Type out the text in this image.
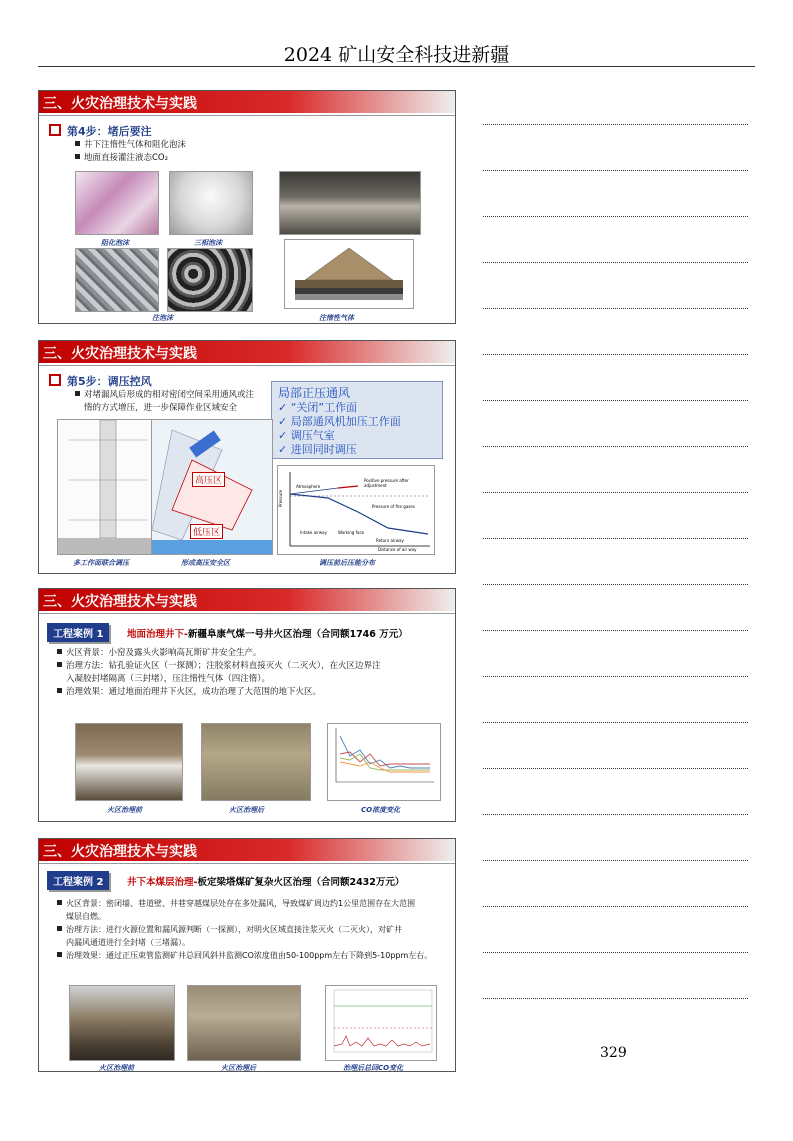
2024 矿山安全科技进新疆
三、火灾治理技术与实践
第4步：堵后要注
井下注惰性气体和阻化泡沫
地面直接灌注液态CO₂
阻化泡沫	三相泡沫
注泡沫	注惰性气体
三、火灾治理技术与实践
第5步：调压控风
对堵漏风后形成的相对密闭空间采用通风或注
惰的方式增压，进一步保障作业区域安全
局部正压通风
✓ “关闭”工作面
✓ 局部通风机加压工作面
✓ 调压气室
✓ 进回同时调压
高压区
低压区
Pressure
Atmosphere
Positive pressure after adjustment
Pressure of fire gases
Intake airway	Working face
Return airway
Distance of air way
多工作面联合调压	形成高压安全区	调压前后压能分布
三、火灾治理技术与实践
工程案例 1	地面治理井下-新疆阜康气煤一号井火区治理（合同额1746 万元）
火区背景：小窑及露头火影响高瓦斯矿井安全生产。
治理方法：钻孔验证火区（一探测）；注胶浆材料直接灭火（二灭火），在火区边界注
入凝胶封堵隔离（三封堵），压注惰性气体（四注惰）。
治理效果：通过地面治理井下火区，成功治理了大范围的地下火区。
火区治理前	火区治理后	CO浓度变化
三、火灾治理技术与实践
工程案例 2	井下本煤层治理-板定梁塔煤矿复杂火区治理（合同额2432万元）
火区背景：密闭墙、巷道壁、井巷穿越煤层处存在多处漏风，导致煤矿周边约1公里范围存在大范围
煤层自燃。
治理方法：进行火源位置和漏风源判断（一探测），对明火区域直接注浆灭火（二灭火），对矿井
内漏风通道进行全封堵（三堵漏）。
治理效果：通过正压束管监测矿井总回风斜井监测CO浓度值由50-100ppm左右下降到5-10ppm左右。
火区治理前	火区治理后	治理后总回CO变化
329
